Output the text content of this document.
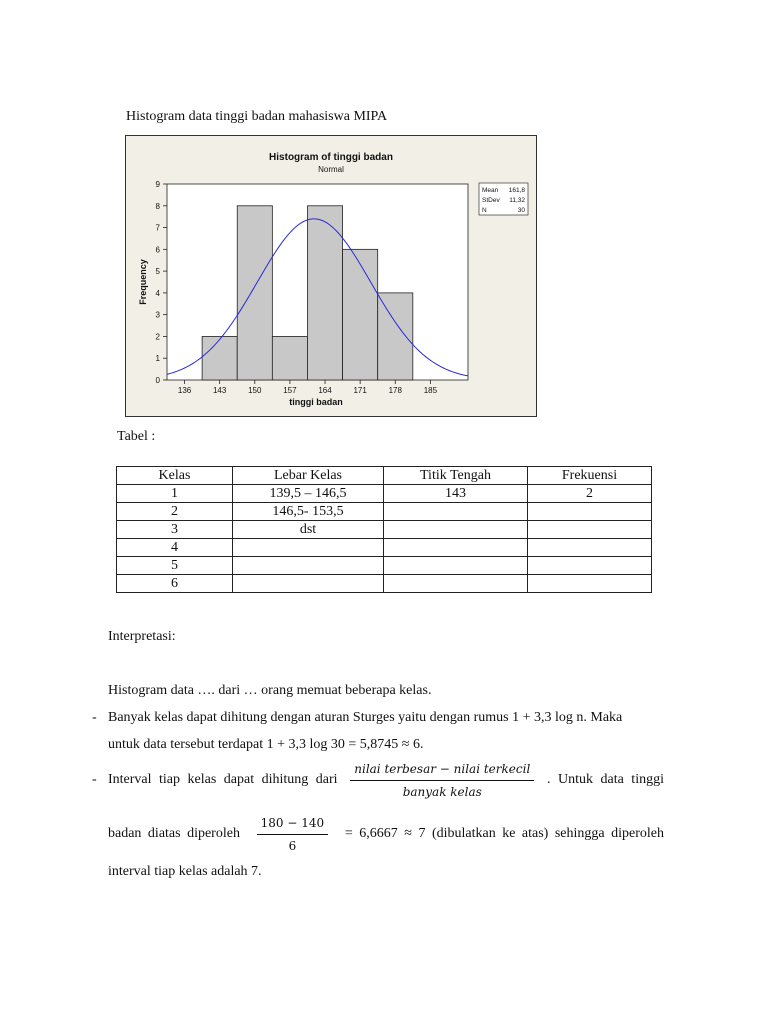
Histogram data tinggi badan mahasiswa MIPA
Histogram of tinggi badan
Normal
136	143	150	157	164	171	178	185
0
1
2
3
4
5
6
7
8
9
tinggi badan
Frequency
Mean 161,8
StDev 11,32
N	30
Tabel :
Kelas	Lebar Kelas	Titik Tengah	Frekuensi
1	139,5 – 146,5	143	2
2	146,5- 153,5		
3	dst		
4			
5			
6			
Interpretasi:
Histogram data …. dari … orang memuat beberapa kelas.
- Banyak kelas dapat dihitung dengan aturan Sturges yaitu dengan rumus 1 + 3,3 log n. Maka
untuk data tersebut terdapat 1 + 3,3 log 30 = 5,8745 ≈ 6.
- Interval tiap kelas dapat dihitung dari $\frac{\text{nilai terbesar − nilai terkecil}}{\text{banyak kelas}}$ . Untuk data tinggi
badan diatas diperoleh $\frac{180 - 140}{6} = 6,6667 \approx 7$ (dibulatkan ke atas) sehingga diperoleh
interval tiap kelas adalah 7.
